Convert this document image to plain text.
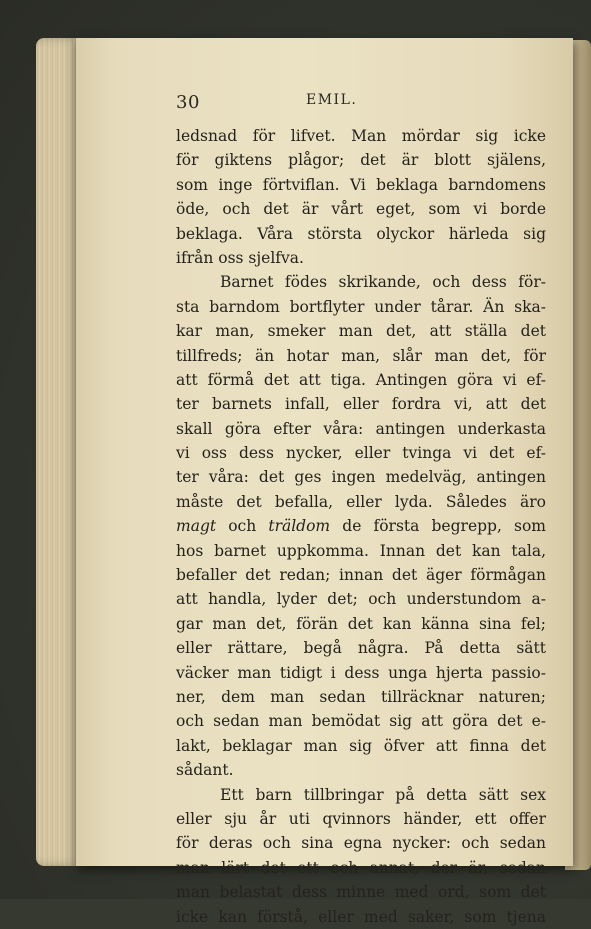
30	EMIL.
ledsnad för lifvet. Man mördar sig icke
för giktens plågor; det är blott själens,
som inge förtviflan. Vi beklaga barndomens
öde, och det är vårt eget, som vi borde
beklaga. Våra största olyckor härleda sig
ifrån oss sjelfva.
Barnet födes skrikande, och dess för-
sta barndom bortflyter under tårar. Än ska-
kar man, smeker man det, att ställa det
tillfreds; än hotar man, slår man det, för
att förmå det att tiga. Antingen göra vi ef-
ter barnets infall, eller fordra vi, att det
skall göra efter våra: antingen underkasta
vi oss dess nycker, eller tvinga vi det ef-
ter våra: det ges ingen medelväg, antingen
måste det befalla, eller lyda. Således äro
magt och träldom de första begrepp, som
hos barnet uppkomma. Innan det kan tala,
befaller det redan; innan det äger förmågan
att handla, lyder det; och understundom a-
gar man det, förän det kan känna sina fel;
eller rättare, begå några. På detta sätt
väcker man tidigt i dess unga hjerta passio-
ner, dem man sedan tillräcknar naturen;
och sedan man bemödat sig att göra det e-
lakt, beklagar man sig öfver att finna det
sådant.
Ett barn tillbringar på detta sätt sex
eller sju år uti qvinnors händer, ett offer
för deras och sina egna nycker: och sedan
man lärt det ett och annat, der är, sedan
man belastat dess minne med ord, som det
icke kan förstå, eller med saker, som tjena
